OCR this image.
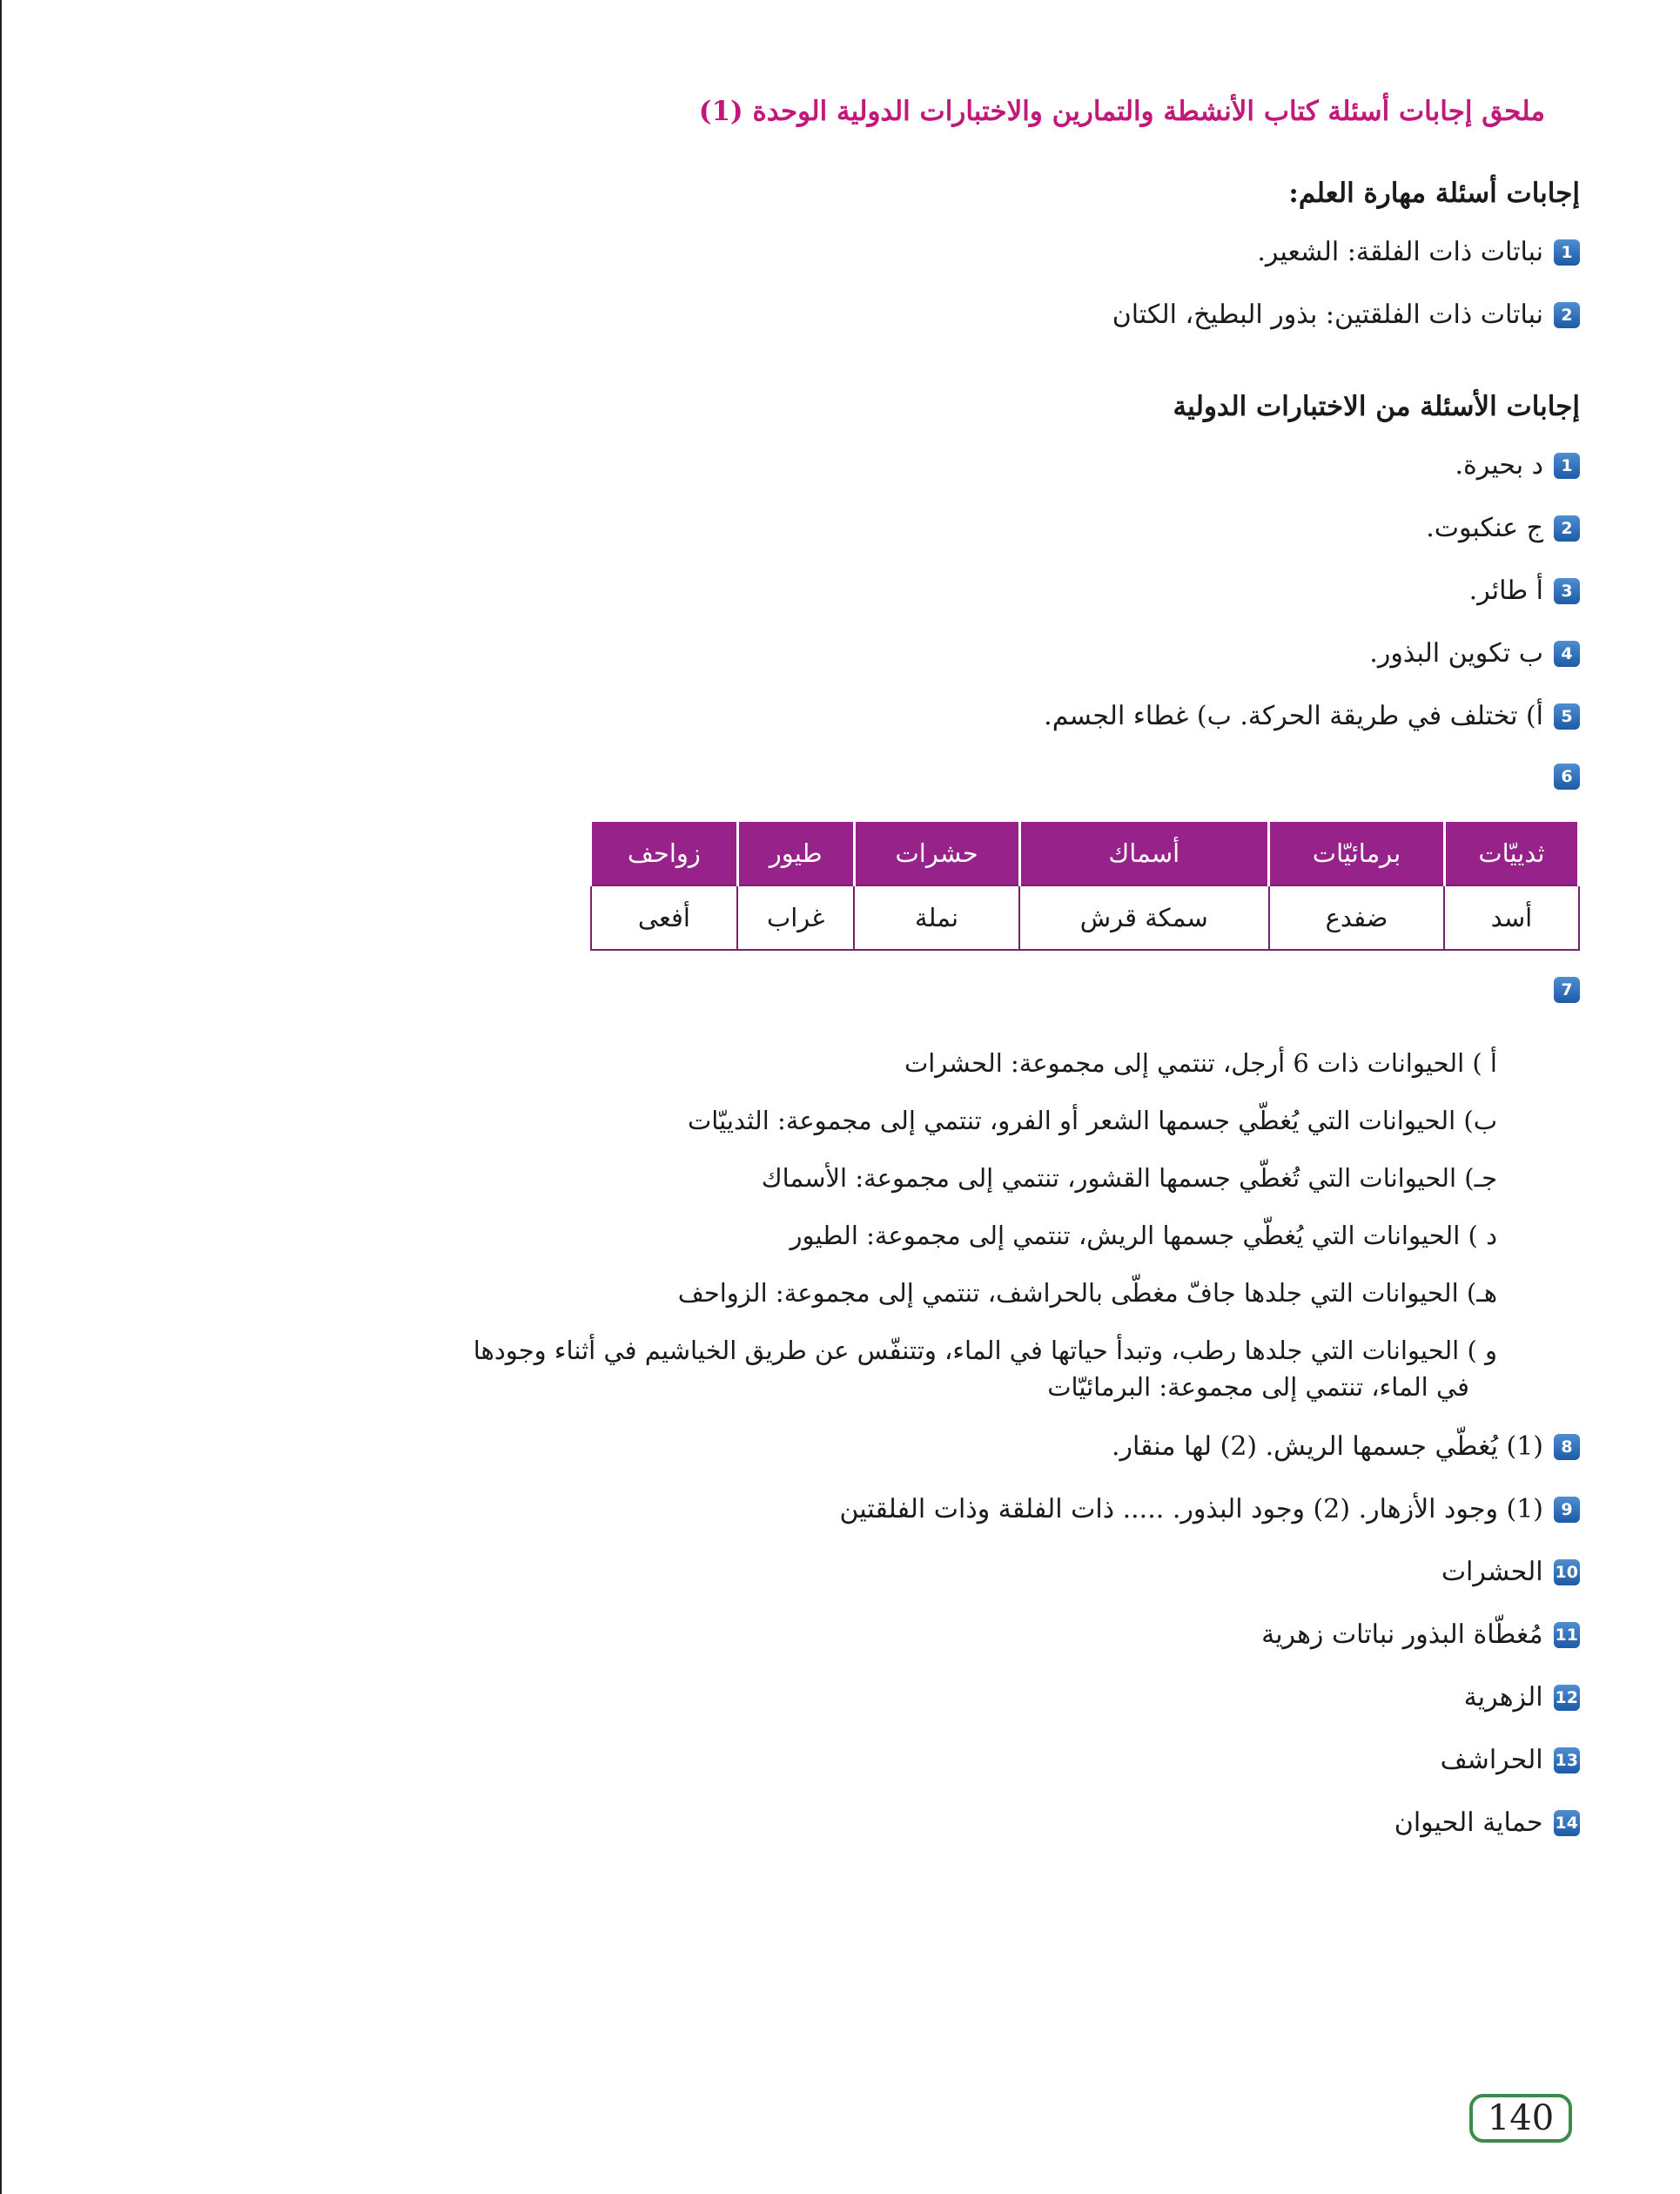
ملحق إجابات أسئلة كتاب الأنشطة والتمارين والاختبارات الدولية الوحدة (1)
إجابات أسئلة مهارة العلم:
1
نباتات ذات الفلقة: الشعير.
2
نباتات ذات الفلقتين: بذور البطيخ، الكتان
إجابات الأسئلة من الاختبارات الدولية
1
د بحيرة.
2
ج عنكبوت.
3
أ طائر.
4
ب تكوين البذور.
5
أ) تختلف في طريقة الحركة. ب) غطاء الجسم.
6
ثدييّات	برمائيّات	أسماك	حشرات	طيور	زواحف
أسد	ضفدع	سمكة قرش	نملة	غراب	أفعى
7
أ ) الحيوانات ذات 6 أرجل، تنتمي إلى مجموعة: الحشرات
ب) الحيوانات التي يُغطّي جسمها الشعر أو الفرو، تنتمي إلى مجموعة: الثدييّات
جـ) الحيوانات التي تُغطّي جسمها القشور، تنتمي إلى مجموعة: الأسماك
د ) الحيوانات التي يُغطّي جسمها الريش، تنتمي إلى مجموعة: الطيور
هـ) الحيوانات التي جلدها جافّ مغطّى بالحراشف، تنتمي إلى مجموعة: الزواحف
و ) الحيوانات التي جلدها رطب، وتبدأ حياتها في الماء، وتتنفّس عن طريق الخياشيم في أثناء وجودها
في الماء، تنتمي إلى مجموعة: البرمائيّات
8
(1) يُغطّي جسمها الريش. (2) لها منقار.
9
(1) وجود الأزهار. (2) وجود البذور. ..... ذات الفلقة وذات الفلقتين
10
الحشرات
11
مُغطّاة البذور نباتات زهرية
12
الزهرية
13
الحراشف
14
حماية الحيوان
140
